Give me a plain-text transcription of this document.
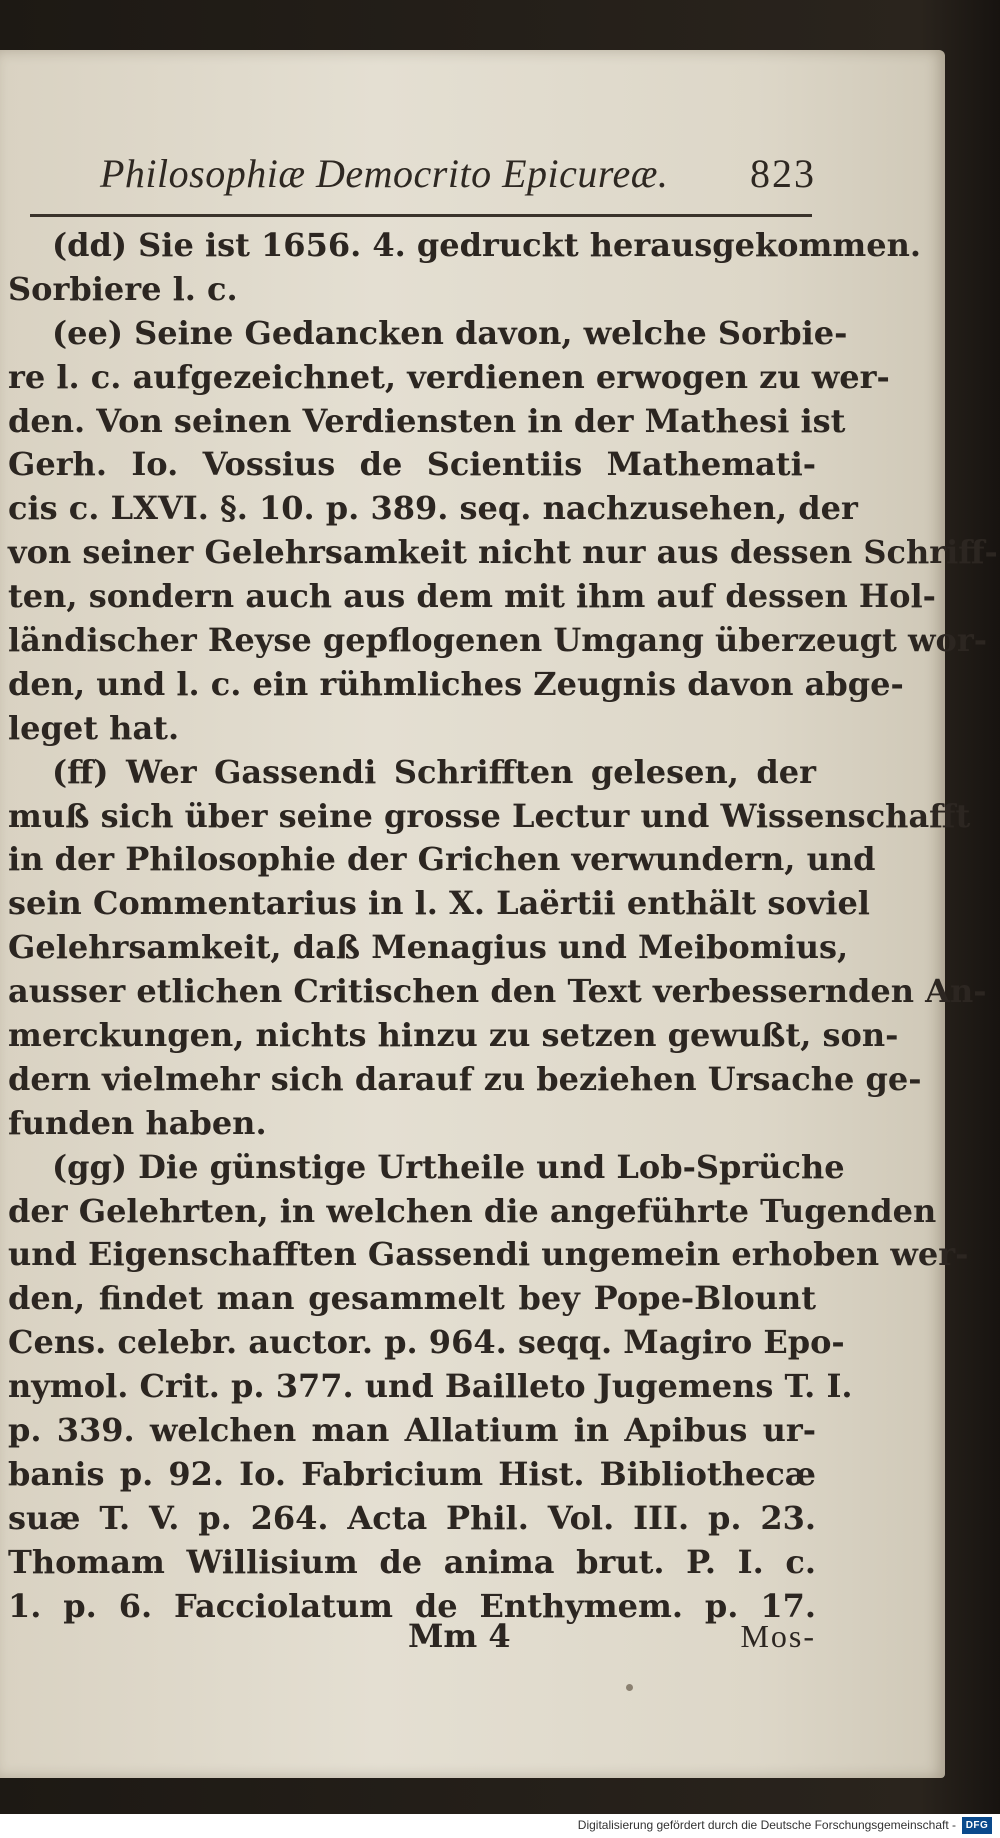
Philosophiæ Democrito Epicureæ. 823
(dd) Sie ist 1656. 4. gedruckt herausgekommen.
Sorbiere l. c.
(ee) Seine Gedancken davon, welche Sorbie-
re l. c. aufgezeichnet, verdienen erwogen zu wer-
den. Von seinen Verdiensten in der Mathesi ist
Gerh. Io. Vossius de Scientiis Mathemati-
cis c. LXVI. §. 10. p. 389. seq. nachzusehen, der
von seiner Gelehrsamkeit nicht nur aus dessen Schriff-
ten, sondern auch aus dem mit ihm auf dessen Hol-
ländischer Reyse gepflogenen Umgang überzeugt wor-
den, und l. c. ein rühmliches Zeugnis davon abge-
leget hat.
(ff) Wer Gassendi Schrifften gelesen, der
muß sich über seine grosse Lectur und Wissenschafft
in der Philosophie der Grichen verwundern, und
sein Commentarius in l. X. Laërtii enthält soviel
Gelehrsamkeit, daß Menagius und Meibomius,
ausser etlichen Critischen den Text verbessernden An-
merckungen, nichts hinzu zu setzen gewußt, son-
dern vielmehr sich darauf zu beziehen Ursache ge-
funden haben.
(gg) Die günstige Urtheile und Lob-Sprüche
der Gelehrten, in welchen die angeführte Tugenden
und Eigenschafften Gassendi ungemein erhoben wer-
den, findet man gesammelt bey Pope-Blount
Cens. celebr. auctor. p. 964. seqq. Magiro Epo-
nymol. Crit. p. 377. und Bailleto Jugemens T. I.
p. 339. welchen man Allatium in Apibus ur-
banis p. 92. Io. Fabricium Hist. Bibliothecæ
suæ T. V. p. 264. Acta Phil. Vol. III. p. 23.
Thomam Willisium de anima brut. P. I. c.
1. p. 6. Facciolatum de Enthymem. p. 17.
Mm 4	Mos-
Digitalisierung gefördert durch die Deutsche Forschungsgemeinschaft - DFG
